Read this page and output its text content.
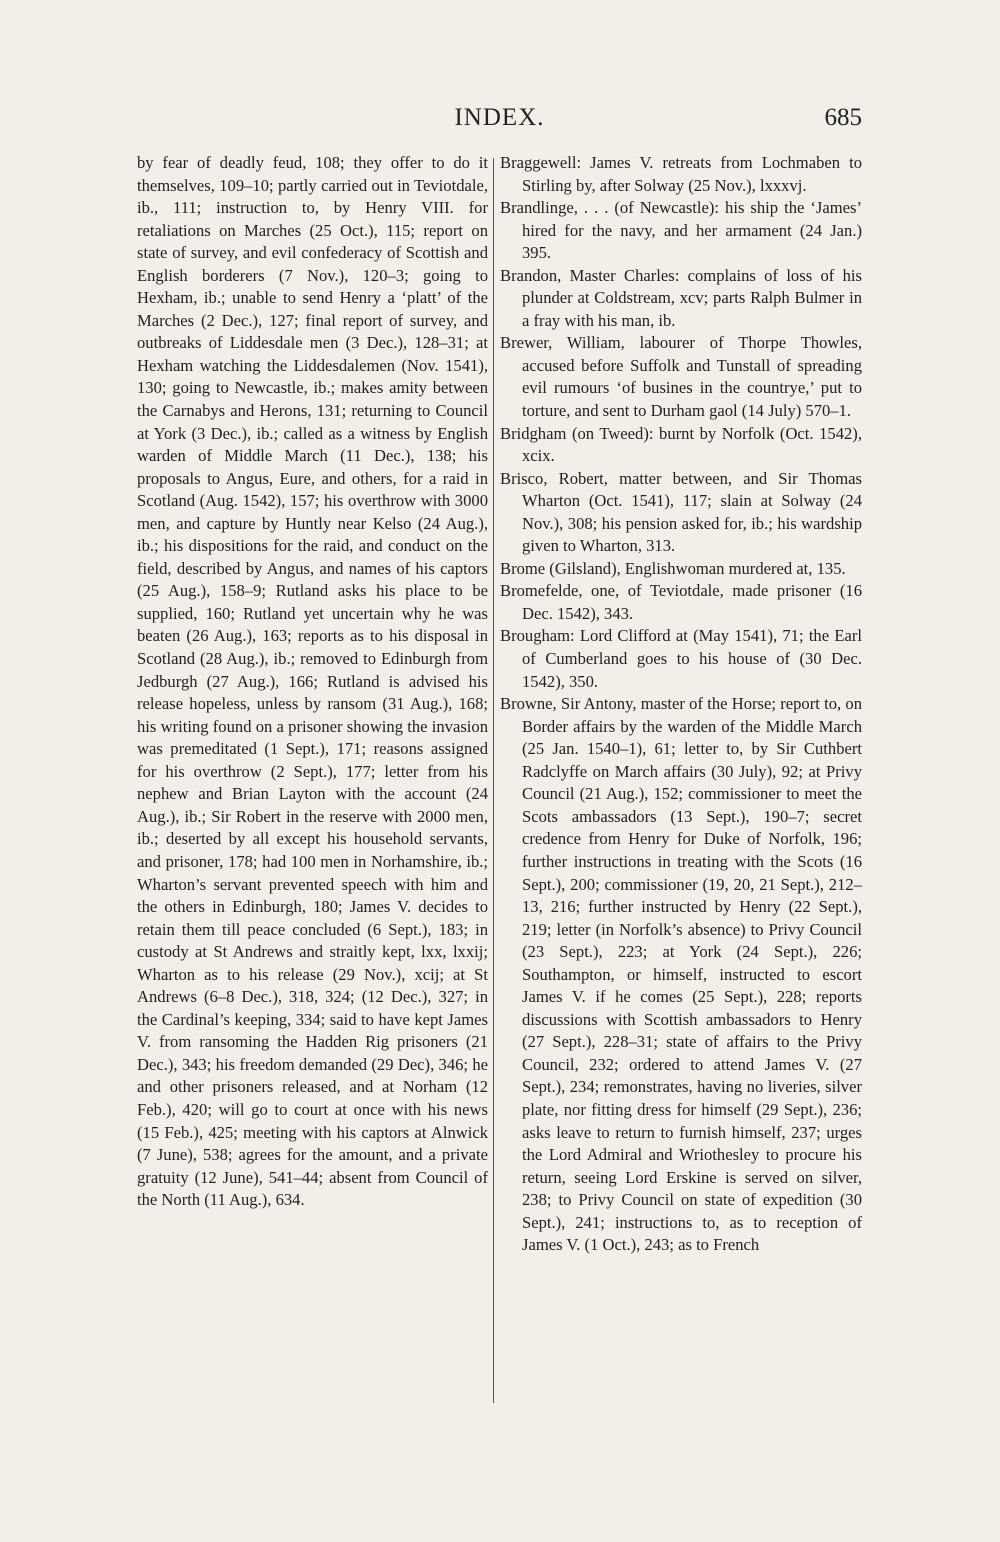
INDEX.	685

by fear of deadly feud, 108; they offer to do it themselves, 109–10; partly carried out in Teviotdale, ib., 111; instruction to, by Henry VIII. for retaliations on Marches (25 Oct.), 115; report on state of survey, and evil confederacy of Scottish and English borderers (7 Nov.), 120–3; going to Hexham, ib.; unable to send Henry a ‘platt’ of the Marches (2 Dec.), 127; final report of survey, and outbreaks of Liddesdale men (3 Dec.), 128–31; at Hexham watching the Liddesdalemen (Nov. 1541), 130; going to Newcastle, ib.; makes amity between the Carnabys and Herons, 131; returning to Council at York (3 Dec.), ib.; called as a witness by English warden of Middle March (11 Dec.), 138; his proposals to Angus, Eure, and others, for a raid in Scotland (Aug. 1542), 157; his overthrow with 3000 men, and capture by Huntly near Kelso (24 Aug.), ib.; his dispositions for the raid, and conduct on the field, described by Angus, and names of his captors (25 Aug.), 158–9; Rutland asks his place to be supplied, 160; Rutland yet uncertain why he was beaten (26 Aug.), 163; reports as to his disposal in Scotland (28 Aug.), ib.; removed to Edinburgh from Jedburgh (27 Aug.), 166; Rutland is advised his release hopeless, unless by ransom (31 Aug.), 168; his writing found on a prisoner showing the invasion was premeditated (1 Sept.), 171; reasons assigned for his overthrow (2 Sept.), 177; letter from his nephew and Brian Layton with the account (24 Aug.), ib.; Sir Robert in the reserve with 2000 men, ib.; deserted by all except his household servants, and prisoner, 178; had 100 men in Norhamshire, ib.; Wharton’s servant prevented speech with him and the others in Edinburgh, 180; James V. decides to retain them till peace concluded (6 Sept.), 183; in custody at St Andrews and straitly kept, lxx, lxxij; Wharton as to his release (29 Nov.), xcij; at St Andrews (6–8 Dec.), 318, 324; (12 Dec.), 327; in the Cardinal’s keeping, 334; said to have kept James V. from ransoming the Hadden Rig prisoners (21 Dec.), 343; his freedom demanded (29 Dec), 346; he and other prisoners released, and at Norham (12 Feb.), 420; will go to court at once with his news (15 Feb.), 425; meeting with his captors at Alnwick (7 June), 538; agrees for the amount, and a private gratuity (12 June), 541–44; absent from Council of the North (11 Aug.), 634.

Braggewell: James V. retreats from Lochmaben to Stirling by, after Solway (25 Nov.), lxxxvj.

Brandlinge, . . . (of Newcastle): his ship the ‘James’ hired for the navy, and her armament (24 Jan.) 395.

Brandon, Master Charles: complains of loss of his plunder at Coldstream, xcv; parts Ralph Bulmer in a fray with his man, ib.

Brewer, William, labourer of Thorpe Thowles, accused before Suffolk and Tunstall of spreading evil rumours ‘of busines in the countrye,’ put to torture, and sent to Durham gaol (14 July) 570–1.

Bridgham (on Tweed): burnt by Norfolk (Oct. 1542), xcix.

Brisco, Robert, matter between, and Sir Thomas Wharton (Oct. 1541), 117; slain at Solway (24 Nov.), 308; his pension asked for, ib.; his wardship given to Wharton, 313.

Brome (Gilsland), Englishwoman murdered at, 135.

Bromefelde, one, of Teviotdale, made prisoner (16 Dec. 1542), 343.

Brougham: Lord Clifford at (May 1541), 71; the Earl of Cumberland goes to his house of (30 Dec. 1542), 350.

Browne, Sir Antony, master of the Horse; report to, on Border affairs by the warden of the Middle March (25 Jan. 1540–1), 61; letter to, by Sir Cuthbert Radclyffe on March affairs (30 July), 92; at Privy Council (21 Aug.), 152; commissioner to meet the Scots ambassadors (13 Sept.), 190–7; secret credence from Henry for Duke of Norfolk, 196; further instructions in treating with the Scots (16 Sept.), 200; commissioner (19, 20, 21 Sept.), 212–13, 216; further instructed by Henry (22 Sept.), 219; letter (in Norfolk’s absence) to Privy Council (23 Sept.), 223; at York (24 Sept.), 226; Southampton, or himself, instructed to escort James V. if he comes (25 Sept.), 228; reports discussions with Scottish ambassadors to Henry (27 Sept.), 228–31; state of affairs to the Privy Council, 232; ordered to attend James V. (27 Sept.), 234; remonstrates, having no liveries, silver plate, nor fitting dress for himself (29 Sept.), 236; asks leave to return to furnish himself, 237; urges the Lord Admiral and Wriothesley to procure his return, seeing Lord Erskine is served on silver, 238; to Privy Council on state of expedition (30 Sept.), 241; instructions to, as to reception of James V. (1 Oct.), 243; as to French
